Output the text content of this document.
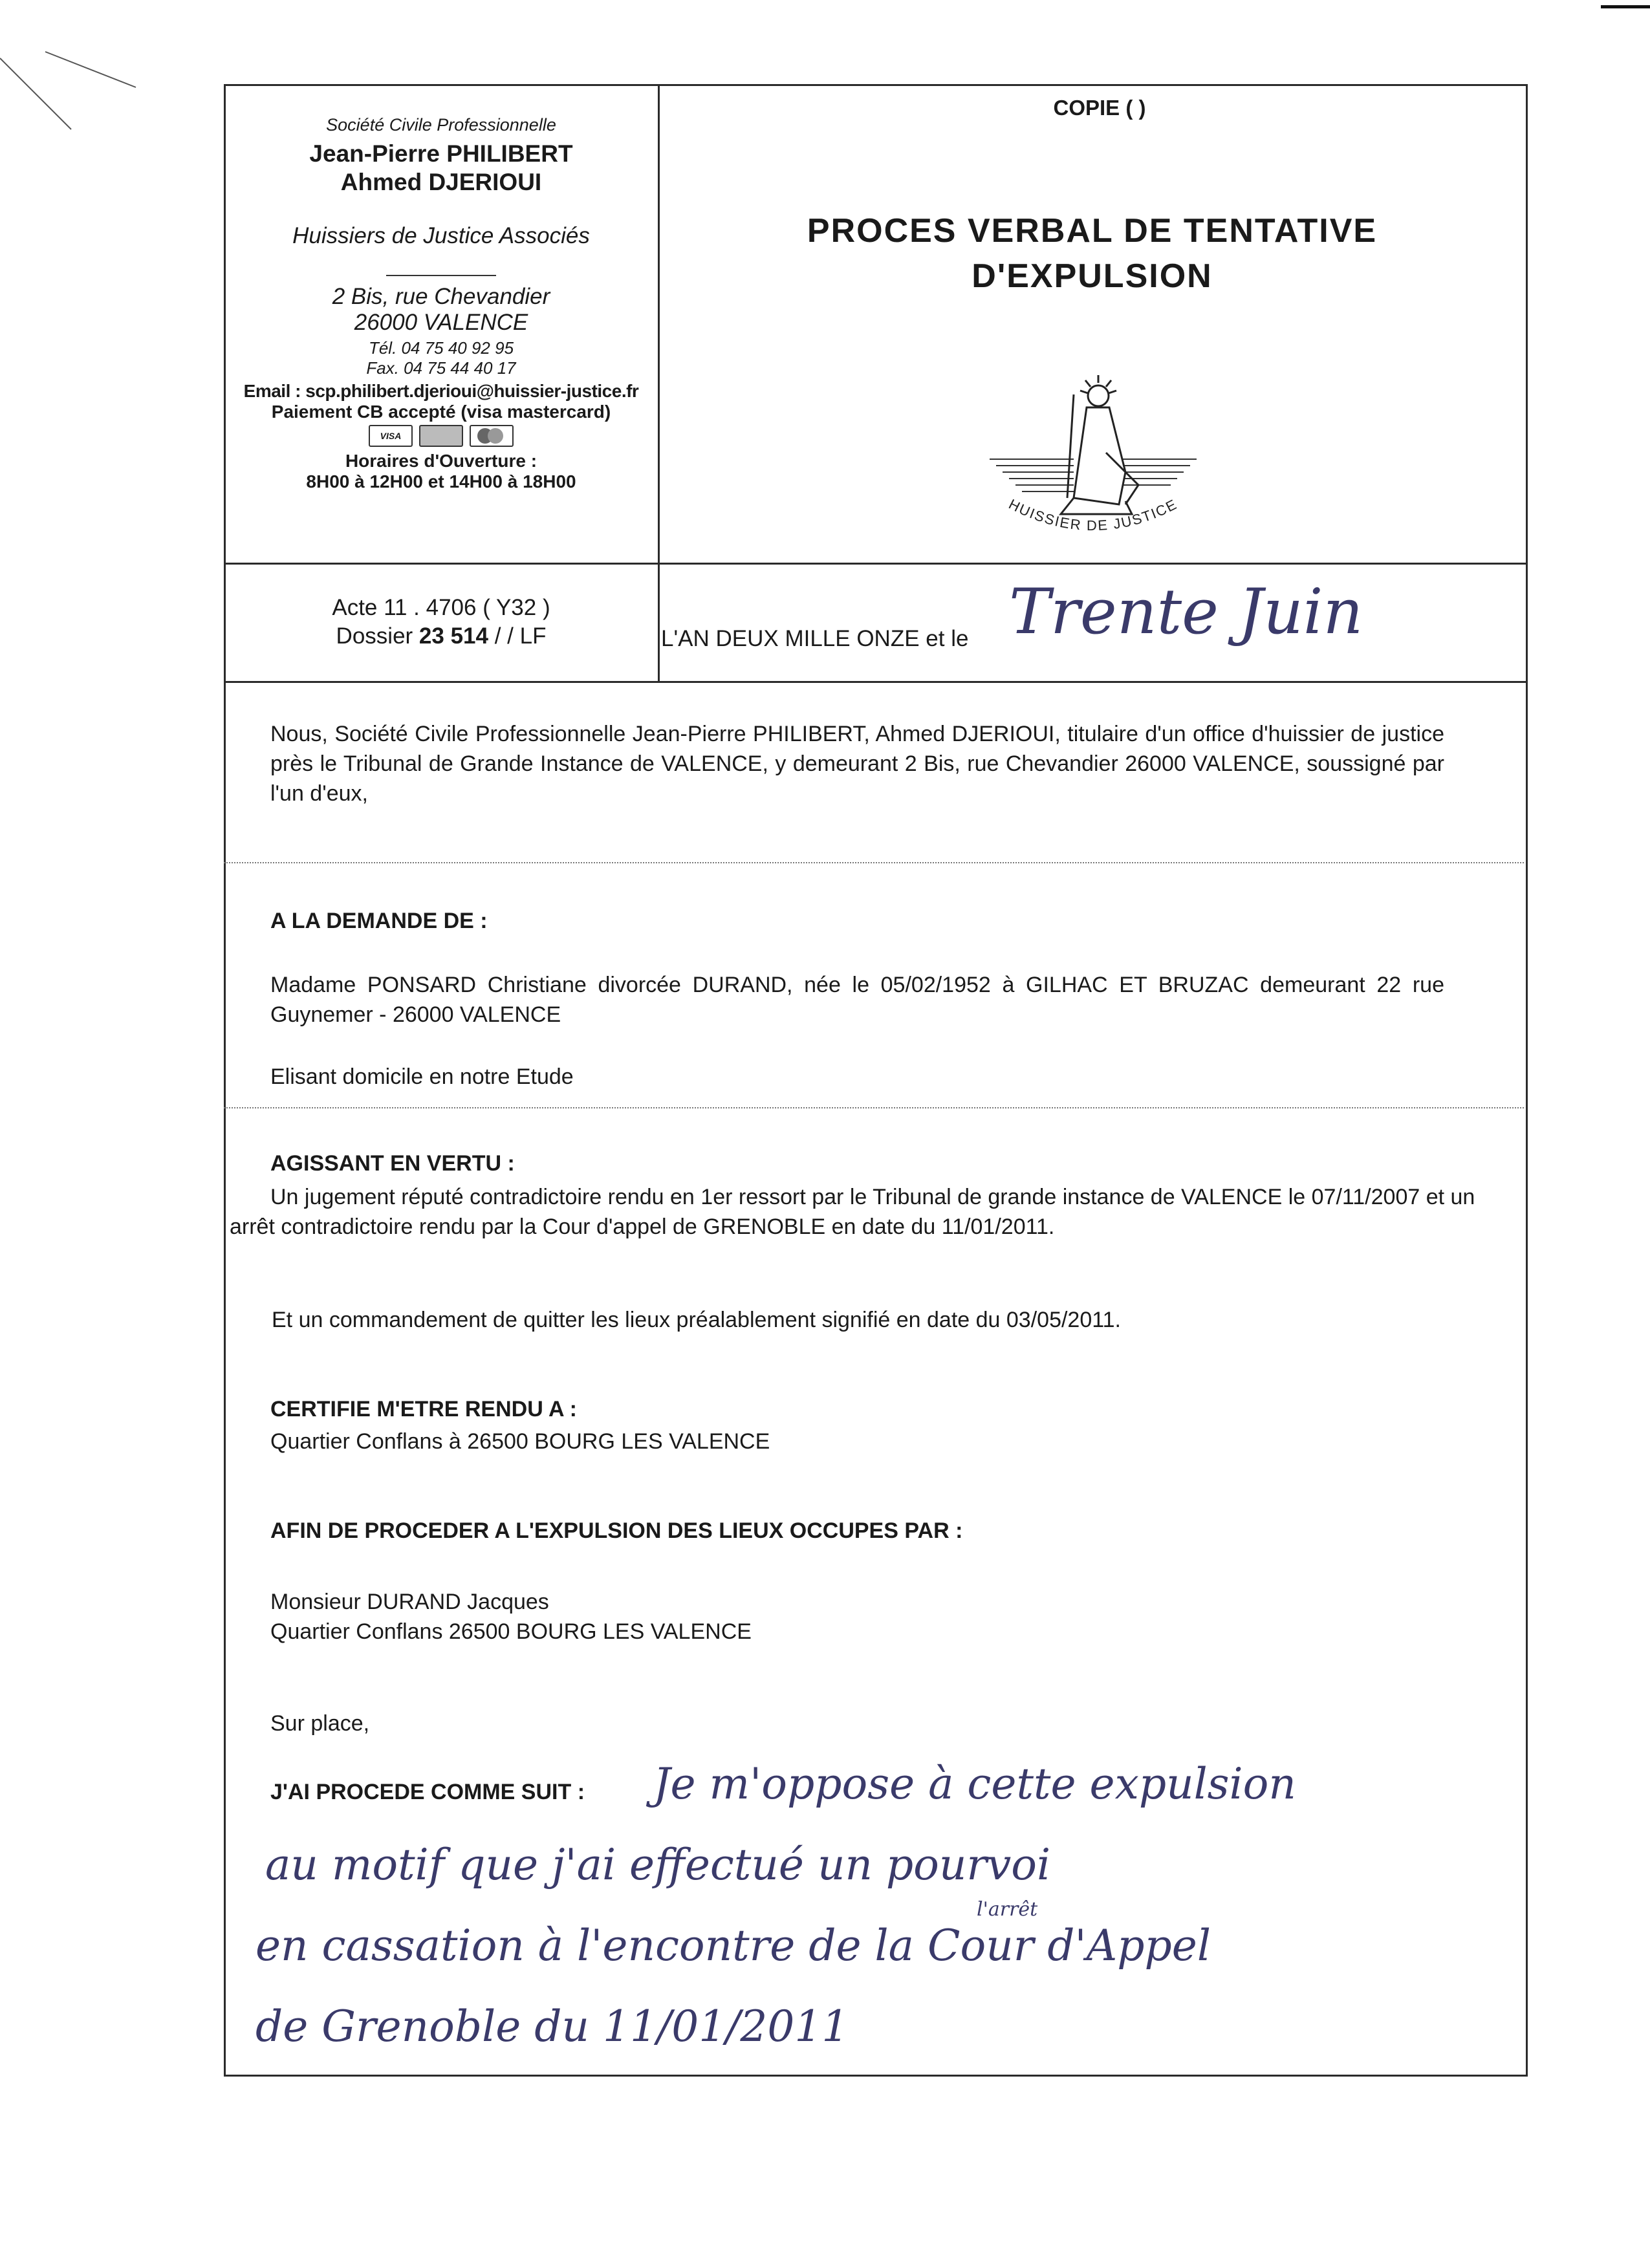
Société Civile Professionnelle
Jean-Pierre PHILIBERT
Ahmed DJERIOUI
Huissiers de Justice Associés
2 Bis, rue Chevandier
26000 VALENCE
Tél. 04 75 40 92 95
Fax. 04 75 44 40 17
Email : scp.philibert.djerioui@huissier-justice.fr
Paiement CB accepté (visa mastercard)
VISA
Horaires d'Ouverture :
8H00 à 12H00 et 14H00 à 18H00
COPIE ( )
PROCES VERBAL DE TENTATIVE
D'EXPULSION
HUISSIER DE JUSTICE
Acte 11 . 4706 ( Y32 )
Dossier 23 514 / / LF	L'AN DEUX MILLE ONZE et le Trente Juin
Nous, Société Civile Professionnelle Jean-Pierre PHILIBERT, Ahmed DJERIOUI, titulaire d'un office d'huissier de justice près le Tribunal de Grande Instance de VALENCE, y demeurant 2 Bis, rue Chevandier 26000 VALENCE, soussigné par l'un d'eux,
A LA DEMANDE DE :
Madame PONSARD Christiane divorcée DURAND, née le 05/02/1952 à GILHAC ET BRUZAC demeurant 22 rue Guynemer - 26000 VALENCE
Elisant domicile en notre Etude
AGISSANT EN VERTU :
Un jugement réputé contradictoire rendu en 1er ressort par le Tribunal de grande instance de VALENCE le 07/11/2007 et un
arrêt contradictoire rendu par la Cour d'appel de GRENOBLE en date du 11/01/2011.
Et un commandement de quitter les lieux préalablement signifié en date du 03/05/2011.
CERTIFIE M'ETRE RENDU A :
Quartier Conflans à 26500 BOURG LES VALENCE
AFIN DE PROCEDER A L'EXPULSION DES LIEUX OCCUPES PAR :
Monsieur DURAND Jacques
Quartier Conflans 26500 BOURG LES VALENCE
Sur place,
J'AI PROCEDE COMME SUIT : Je m'oppose à cette expulsion
au motif que j'ai effectué un pourvoi
l'arrêt
en cassation à l'encontre de la Cour d'Appel
de Grenoble du 11/01/2011
